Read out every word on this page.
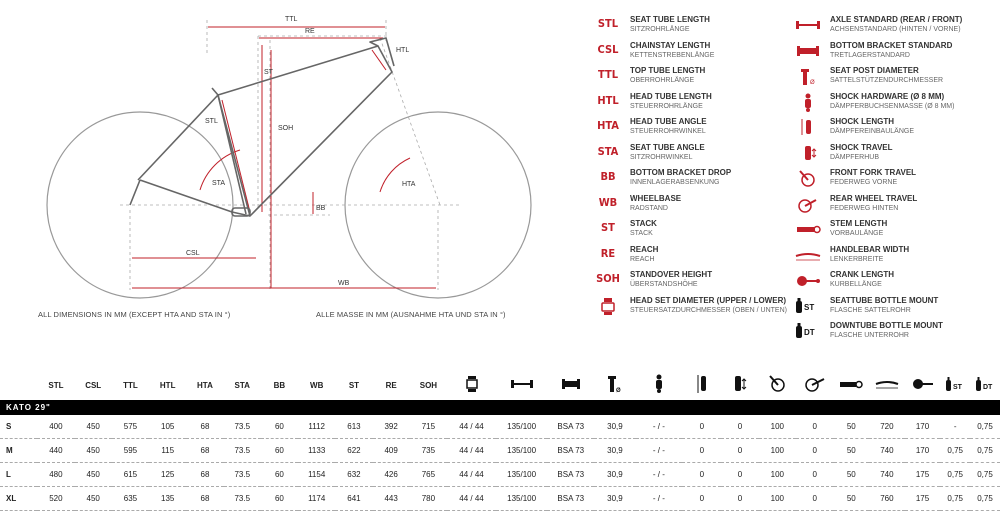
TTL
RE
HTL
ST
SOH
STL
STA	HTA
BB
CSL
WB
ALL DIMENSIONS IN MM (EXCEPT HTA AND STA IN °)	ALLE MASSE IN MM (AUSNAHME HTA UND STA IN °)
STL	SEAT TUBE LENGTH
SITZROHRLÄNGE
CSL	CHAINSTAY LENGTH
KETTENSTREBENLÄNGE
TTL	TOP TUBE LENGTH
OBERROHRLÄNGE
HTL	HEAD TUBE LENGTH
STEUERROHRLÄNGE
HTA	HEAD TUBE ANGLE
STEUERROHRWINKEL
STA	SEAT TUBE ANGLE
SITZROHRWINKEL
BB	BOTTOM BRACKET DROP
INNENLAGERABSENKUNG
WB	WHEELBASE
RADSTAND
ST	STACK
STACK
RE	REACH
REACH
SOH	STANDOVER HEIGHT
ÜBERSTANDSHÖHE
HEAD SET DIAMETER (UPPER / LOWER)
STEUERSATZDURCHMESSER (OBEN / UNTEN)
AXLE STANDARD (REAR / FRONT)
ACHSENSTANDARD (HINTEN / VORNE)
BOTTOM BRACKET STANDARD
TRETLAGERSTANDARD
Ø
SEAT POST DIAMETER
SATTELSTÜTZENDURCHMESSER
SHOCK HARDWARE (Ø 8 MM)
DÄMPFERBUCHSENMASSE (Ø 8 MM)
SHOCK LENGTH
DÄMPFEREINBAULÄNGE
SHOCK TRAVEL
DÄMPFERHUB
FRONT FORK TRAVEL
FEDERWEG VORNE
REAR WHEEL TRAVEL
FEDERWEG HINTEN
STEM LENGTH
VORBAULÄNGE
HANDLEBAR WIDTH
LENKERBREITE
CRANK LENGTH
KURBELLÄNGE
ST
SEATTUBE BOTTLE MOUNT
FLASCHE SATTELROHR
DT
DOWNTUBE BOTTLE MOUNT
FLASCHE UNTERROHR
	STL	CSL	TTL	HTL	HTA	STA	BB	WB	ST	RE	SOH				Ø									ST	DT

KATO 29"																									
S	400	450	575	105	68	73.5	60	1112	613	392	715	44 / 44	135/100	BSA 73	30,9	- / -	0	0	100	0	50	720	170	-	0,75
M	440	450	595	115	68	73.5	60	1133	622	409	735	44 / 44	135/100	BSA 73	30,9	- / -	0	0	100	0	50	740	170	0,75	0,75
L	480	450	615	125	68	73.5	60	1154	632	426	765	44 / 44	135/100	BSA 73	30,9	- / -	0	0	100	0	50	740	175	0,75	0,75
XL	520	450	635	135	68	73.5	60	1174	641	443	780	44 / 44	135/100	BSA 73	30,9	- / -	0	0	100	0	50	760	175	0,75	0,75
